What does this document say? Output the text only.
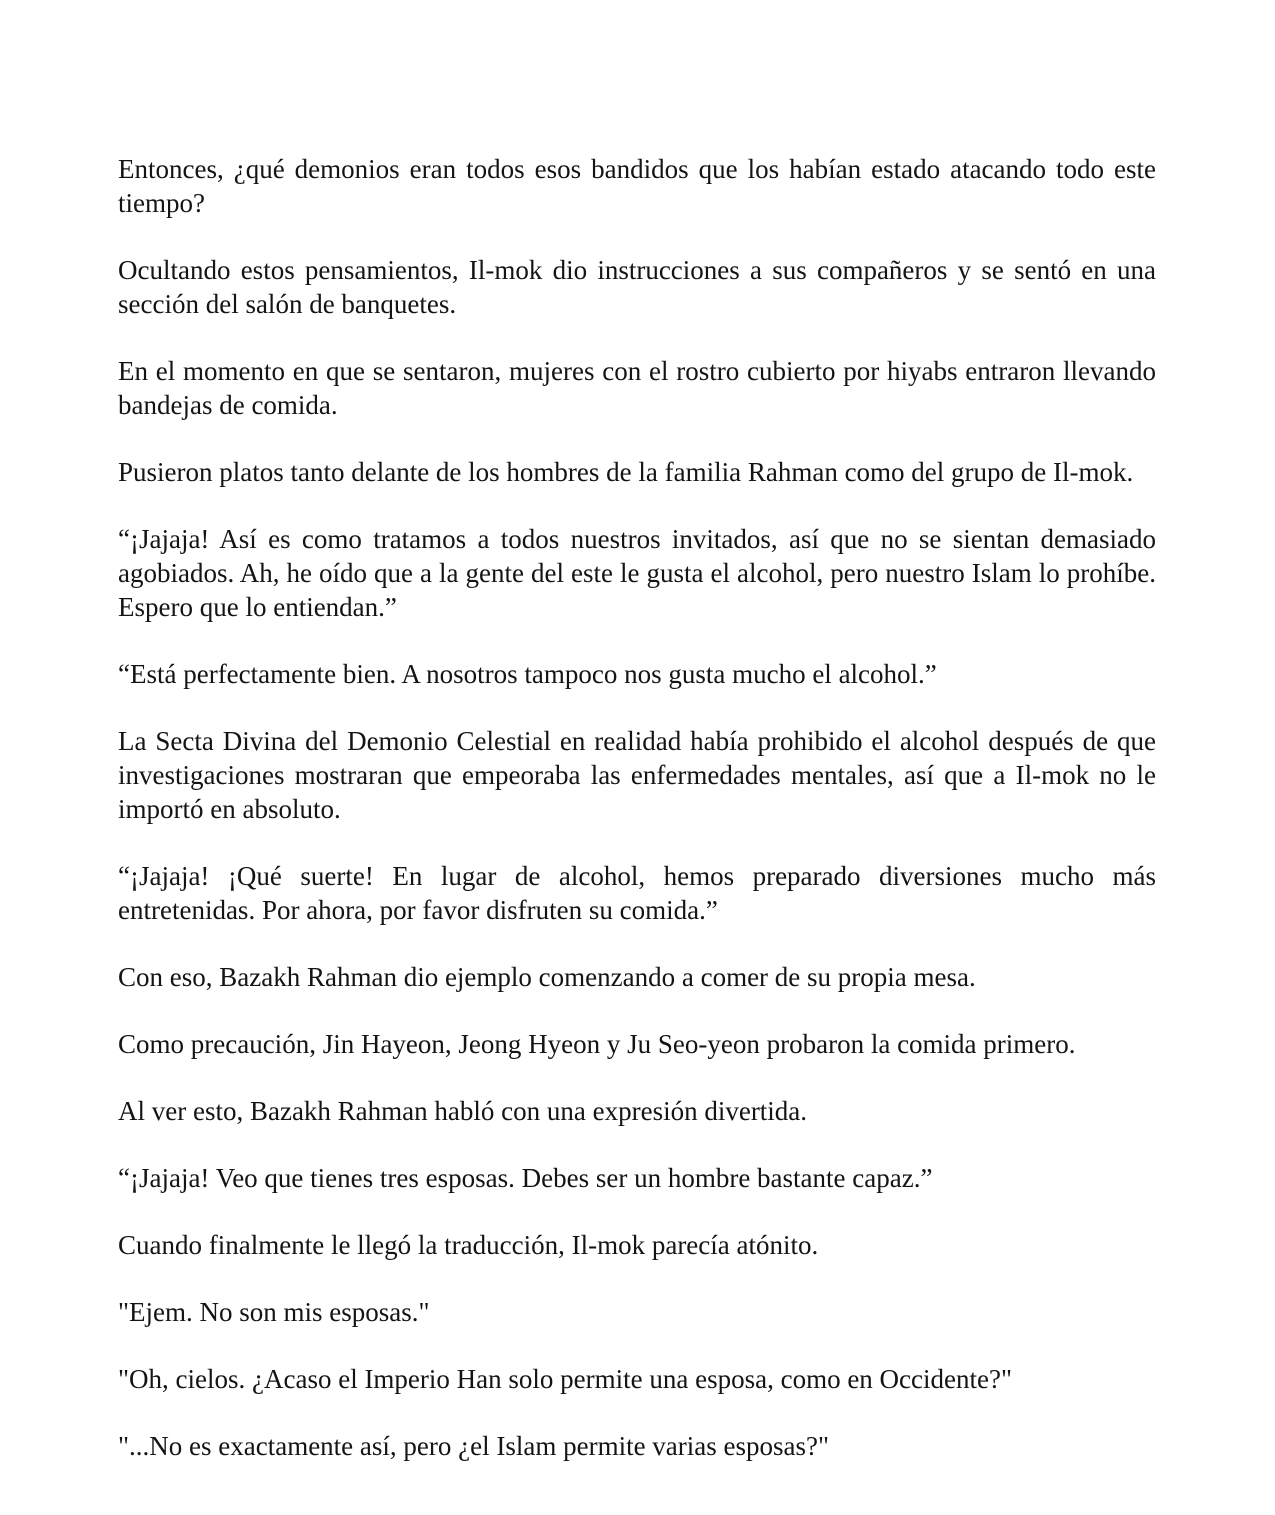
Entonces, ¿qué demonios eran todos esos bandidos que los habían estado atacando todo este tiempo?

Ocultando estos pensamientos, Il-mok dio instrucciones a sus compañeros y se sentó en una sección del salón de banquetes.

En el momento en que se sentaron, mujeres con el rostro cubierto por hiyabs entraron llevando bandejas de comida.

Pusieron platos tanto delante de los hombres de la familia Rahman como del grupo de Il-mok.

“¡Jajaja! Así es como tratamos a todos nuestros invitados, así que no se sientan demasiado agobiados. Ah, he oído que a la gente del este le gusta el alcohol, pero nuestro Islam lo prohíbe. Espero que lo entiendan.”

“Está perfectamente bien. A nosotros tampoco nos gusta mucho el alcohol.”

La Secta Divina del Demonio Celestial en realidad había prohibido el alcohol después de que investigaciones mostraran que empeoraba las enfermedades mentales, así que a Il-mok no le importó en absoluto.

“¡Jajaja! ¡Qué suerte! En lugar de alcohol, hemos preparado diversiones mucho más entretenidas. Por ahora, por favor disfruten su comida.”

Con eso, Bazakh Rahman dio ejemplo comenzando a comer de su propia mesa.

Como precaución, Jin Hayeon, Jeong Hyeon y Ju Seo-yeon probaron la comida primero.

Al ver esto, Bazakh Rahman habló con una expresión divertida.

“¡Jajaja! Veo que tienes tres esposas. Debes ser un hombre bastante capaz.”

Cuando finalmente le llegó la traducción, Il-mok parecía atónito.

"Ejem. No son mis esposas."

"Oh, cielos. ¿Acaso el Imperio Han solo permite una esposa, como en Occidente?"

"...No es exactamente así, pero ¿el Islam permite varias esposas?"
